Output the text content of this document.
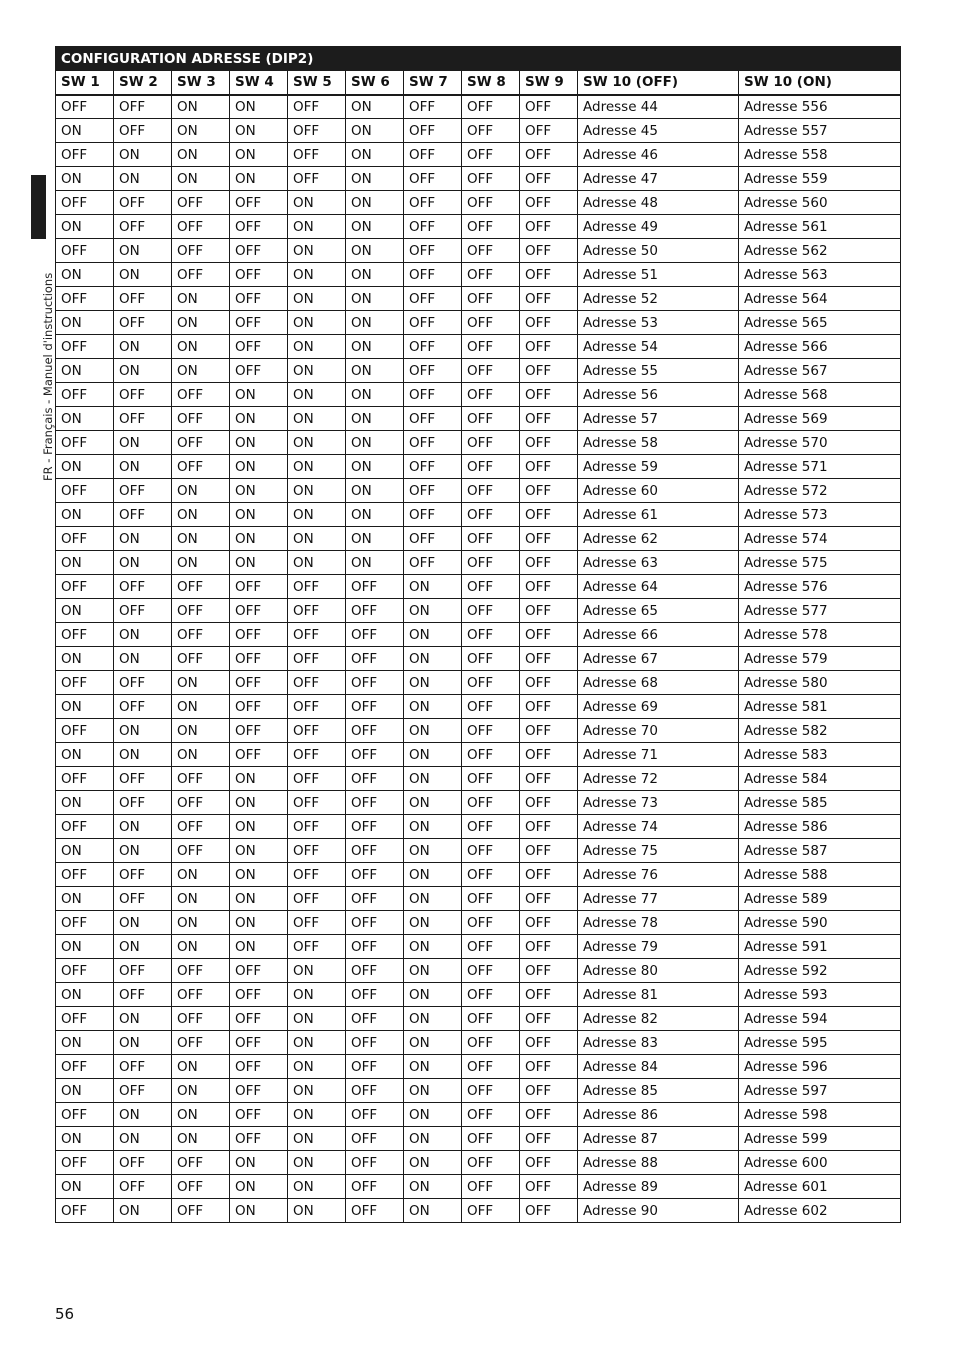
FR - Français - Manuel d'instructions
CONFIGURATION ADRESSE (DIP2)										
SW 1	SW 2	SW 3	SW 4	SW 5	SW 6	SW 7	SW 8	SW 9	SW 10 (OFF)	SW 10 (ON)
OFF	OFF	ON	ON	OFF	ON	OFF	OFF	OFF	Adresse 44	Adresse 556
ON	OFF	ON	ON	OFF	ON	OFF	OFF	OFF	Adresse 45	Adresse 557
OFF	ON	ON	ON	OFF	ON	OFF	OFF	OFF	Adresse 46	Adresse 558
ON	ON	ON	ON	OFF	ON	OFF	OFF	OFF	Adresse 47	Adresse 559
OFF	OFF	OFF	OFF	ON	ON	OFF	OFF	OFF	Adresse 48	Adresse 560
ON	OFF	OFF	OFF	ON	ON	OFF	OFF	OFF	Adresse 49	Adresse 561
OFF	ON	OFF	OFF	ON	ON	OFF	OFF	OFF	Adresse 50	Adresse 562
ON	ON	OFF	OFF	ON	ON	OFF	OFF	OFF	Adresse 51	Adresse 563
OFF	OFF	ON	OFF	ON	ON	OFF	OFF	OFF	Adresse 52	Adresse 564
ON	OFF	ON	OFF	ON	ON	OFF	OFF	OFF	Adresse 53	Adresse 565
OFF	ON	ON	OFF	ON	ON	OFF	OFF	OFF	Adresse 54	Adresse 566
ON	ON	ON	OFF	ON	ON	OFF	OFF	OFF	Adresse 55	Adresse 567
OFF	OFF	OFF	ON	ON	ON	OFF	OFF	OFF	Adresse 56	Adresse 568
ON	OFF	OFF	ON	ON	ON	OFF	OFF	OFF	Adresse 57	Adresse 569
OFF	ON	OFF	ON	ON	ON	OFF	OFF	OFF	Adresse 58	Adresse 570
ON	ON	OFF	ON	ON	ON	OFF	OFF	OFF	Adresse 59	Adresse 571
OFF	OFF	ON	ON	ON	ON	OFF	OFF	OFF	Adresse 60	Adresse 572
ON	OFF	ON	ON	ON	ON	OFF	OFF	OFF	Adresse 61	Adresse 573
OFF	ON	ON	ON	ON	ON	OFF	OFF	OFF	Adresse 62	Adresse 574
ON	ON	ON	ON	ON	ON	OFF	OFF	OFF	Adresse 63	Adresse 575
OFF	OFF	OFF	OFF	OFF	OFF	ON	OFF	OFF	Adresse 64	Adresse 576
ON	OFF	OFF	OFF	OFF	OFF	ON	OFF	OFF	Adresse 65	Adresse 577
OFF	ON	OFF	OFF	OFF	OFF	ON	OFF	OFF	Adresse 66	Adresse 578
ON	ON	OFF	OFF	OFF	OFF	ON	OFF	OFF	Adresse 67	Adresse 579
OFF	OFF	ON	OFF	OFF	OFF	ON	OFF	OFF	Adresse 68	Adresse 580
ON	OFF	ON	OFF	OFF	OFF	ON	OFF	OFF	Adresse 69	Adresse 581
OFF	ON	ON	OFF	OFF	OFF	ON	OFF	OFF	Adresse 70	Adresse 582
ON	ON	ON	OFF	OFF	OFF	ON	OFF	OFF	Adresse 71	Adresse 583
OFF	OFF	OFF	ON	OFF	OFF	ON	OFF	OFF	Adresse 72	Adresse 584
ON	OFF	OFF	ON	OFF	OFF	ON	OFF	OFF	Adresse 73	Adresse 585
OFF	ON	OFF	ON	OFF	OFF	ON	OFF	OFF	Adresse 74	Adresse 586
ON	ON	OFF	ON	OFF	OFF	ON	OFF	OFF	Adresse 75	Adresse 587
OFF	OFF	ON	ON	OFF	OFF	ON	OFF	OFF	Adresse 76	Adresse 588
ON	OFF	ON	ON	OFF	OFF	ON	OFF	OFF	Adresse 77	Adresse 589
OFF	ON	ON	ON	OFF	OFF	ON	OFF	OFF	Adresse 78	Adresse 590
ON	ON	ON	ON	OFF	OFF	ON	OFF	OFF	Adresse 79	Adresse 591
OFF	OFF	OFF	OFF	ON	OFF	ON	OFF	OFF	Adresse 80	Adresse 592
ON	OFF	OFF	OFF	ON	OFF	ON	OFF	OFF	Adresse 81	Adresse 593
OFF	ON	OFF	OFF	ON	OFF	ON	OFF	OFF	Adresse 82	Adresse 594
ON	ON	OFF	OFF	ON	OFF	ON	OFF	OFF	Adresse 83	Adresse 595
OFF	OFF	ON	OFF	ON	OFF	ON	OFF	OFF	Adresse 84	Adresse 596
ON	OFF	ON	OFF	ON	OFF	ON	OFF	OFF	Adresse 85	Adresse 597
OFF	ON	ON	OFF	ON	OFF	ON	OFF	OFF	Adresse 86	Adresse 598
ON	ON	ON	OFF	ON	OFF	ON	OFF	OFF	Adresse 87	Adresse 599
OFF	OFF	OFF	ON	ON	OFF	ON	OFF	OFF	Adresse 88	Adresse 600
ON	OFF	OFF	ON	ON	OFF	ON	OFF	OFF	Adresse 89	Adresse 601
OFF	ON	OFF	ON	ON	OFF	ON	OFF	OFF	Adresse 90	Adresse 602
56
